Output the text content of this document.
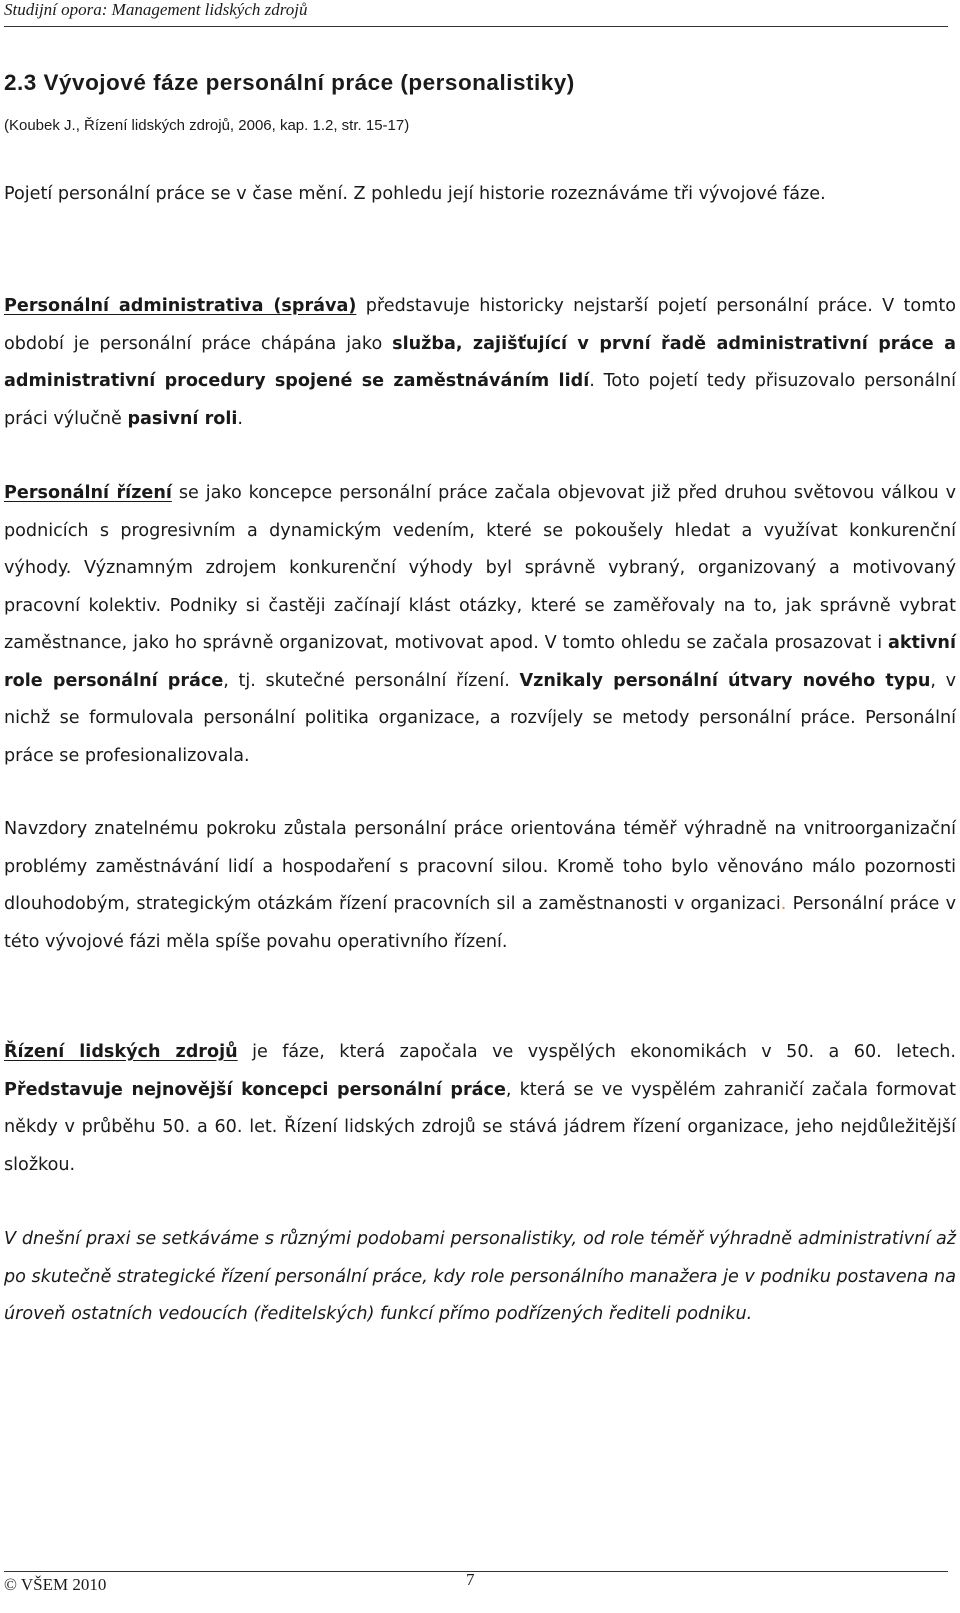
Studijní opora: Management lidských zdrojů
2.3 Vývojové fáze personální práce (personalistiky)
(Koubek J., Řízení lidských zdrojů, 2006, kap. 1.2, str. 15-17)

Pojetí personální práce se v čase mění. Z pohledu její historie rozeznáváme tři vývojové fáze.

Personální administrativa (správa) představuje historicky nejstarší pojetí personální práce. V tomto období je personální práce chápána jako služba, zajišťující v první řadě administrativní práce a administrativní procedury spojené se zaměstnáváním lidí. Toto pojetí tedy přisuzovalo personální práci výlučně pasivní roli.

Personální řízení se jako koncepce personální práce začala objevovat již před druhou světovou válkou v podnicích s progresivním a dynamickým vedením, které se pokoušely hledat a využívat konkurenční výhody. Významným zdrojem konkurenční výhody byl správně vybraný, organizovaný a motivovaný pracovní kolektiv. Podniky si častěji začínají klást otázky, které se zaměřovaly na to, jak správně vybrat zaměstnance, jako ho správně organizovat, motivovat apod. V tomto ohledu se začala prosazovat i aktivní role personální práce, tj. skutečné personální řízení. Vznikaly personální útvary nového typu, v nichž se formulovala personální politika organizace, a rozvíjely se metody personální práce. Personální práce se profesionalizovala.

Navzdory znatelnému pokroku zůstala personální práce orientována téměř výhradně na vnitroorganizační problémy zaměstnávání lidí a hospodaření s pracovní silou. Kromě toho bylo věnováno málo pozornosti dlouhodobým, strategickým otázkám řízení pracovních sil a zaměstnanosti v organizaci. Personální práce v této vývojové fázi měla spíše povahu operativního řízení.

Řízení lidských zdrojů je fáze, která započala ve vyspělých ekonomikách v 50. a 60. letech. Představuje nejnovější koncepci personální práce, která se ve vyspělém zahraničí začala formovat někdy v průběhu 50. a 60. let. Řízení lidských zdrojů se stává jádrem řízení organizace, jeho nejdůležitější složkou.

V dnešní praxi se setkáváme s různými podobami personalistiky, od role téměř výhradně administrativní až po skutečně strategické řízení personální práce, kdy role personálního manažera je v podniku postavena na úroveň ostatních vedoucích (ředitelských) funkcí přímo podřízených řediteli podniku.

© VŠEM 2010	7
